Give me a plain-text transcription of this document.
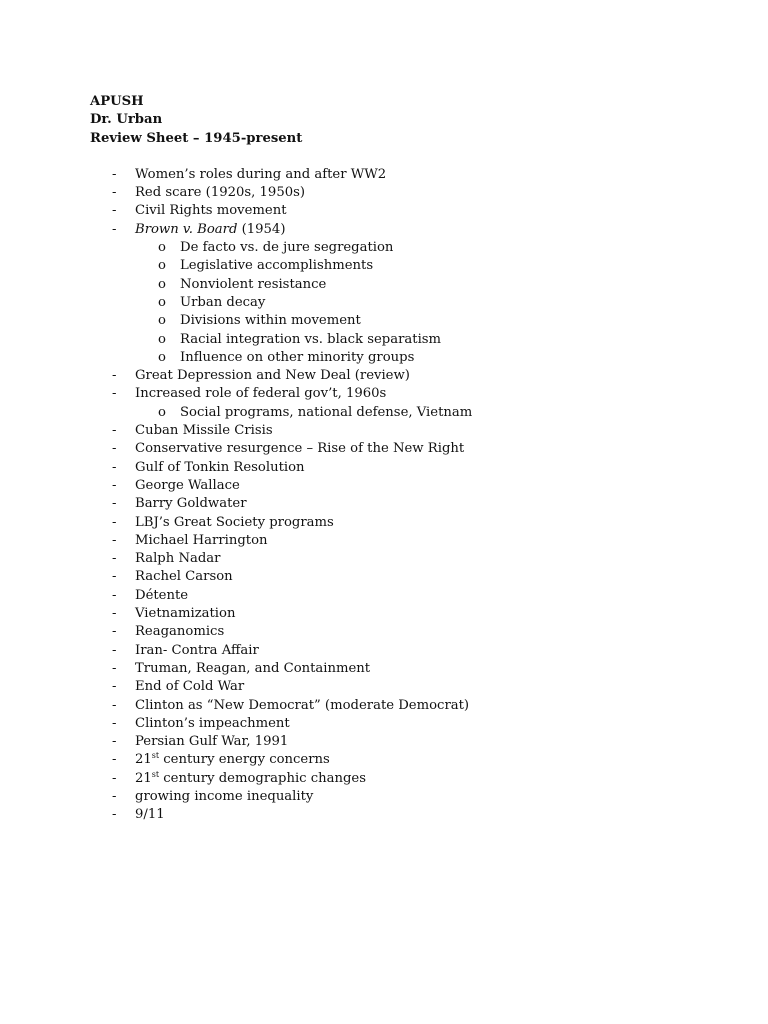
APUSH
Dr. Urban
Review Sheet – 1945-present
- Women’s roles during and after WW2
- Red scare (1920s, 1950s)
- Civil Rights movement
- Brown v. Board (1954)
o De facto vs. de jure segregation
o Legislative accomplishments
o Nonviolent resistance
o Urban decay
o Divisions within movement
o Racial integration vs. black separatism
o Influence on other minority groups
- Great Depression and New Deal (review)
- Increased role of federal gov’t, 1960s
o Social programs, national defense, Vietnam
- Cuban Missile Crisis
- Conservative resurgence – Rise of the New Right
- Gulf of Tonkin Resolution
- George Wallace
- Barry Goldwater
- LBJ’s Great Society programs
- Michael Harrington
- Ralph Nadar
- Rachel Carson
- Détente
- Vietnamization
- Reaganomics
- Iran- Contra Affair
- Truman, Reagan, and Containment
- End of Cold War
- Clinton as “New Democrat” (moderate Democrat)
- Clinton’s impeachment
- Persian Gulf War, 1991
- 21st century energy concerns
- 21st century demographic changes
- growing income inequality
- 9/11
